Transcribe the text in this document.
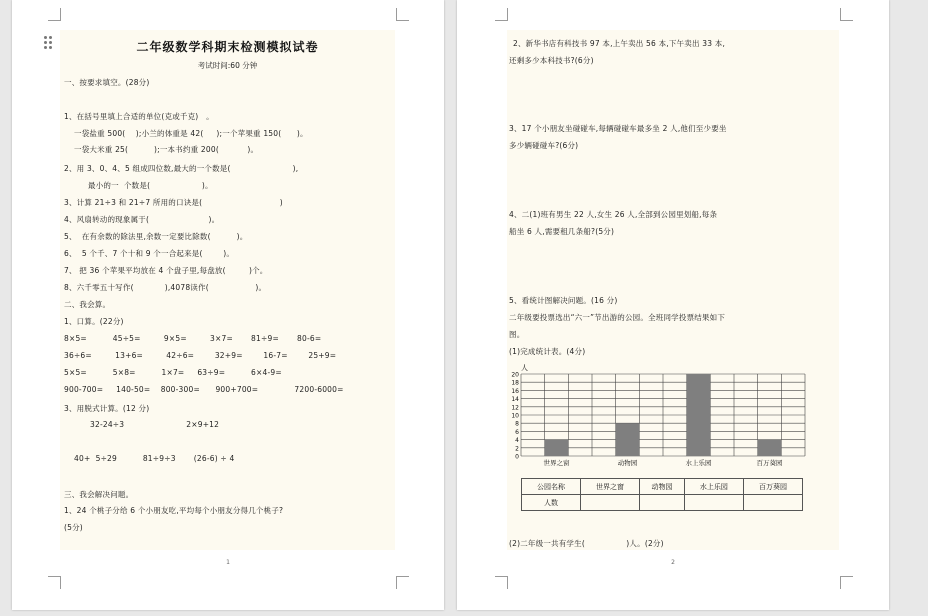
二年级数学科期末检测模拟试卷
考试时间:60 分钟
一、按要求填空。(28分)
1、在括号里填上合适的单位(克或千克)   。
一袋盐重 500(    );小兰的体重是 42(     );一个苹果重 150(      )。
一袋大米重 25(          );一本书约重 200(           )。
2、用 3、0、4、5 组成四位数,最大的一个数是(                        ),
最小的一  个数是(                    )。
3、计算 21÷3 和 21÷7 所用的口诀是(                              )
4、风扇转动的现象属于(                       )。
5、  在有余数的除法里,余数一定要比除数(          )。
6、  5 个千、7 个十和 9 个一合起来是(        )。
7、 把 36 个苹果平均放在 4 个盘子里,每盘放(         )个。
8、六千零五十写作(            ),4078读作(                  )。
二、我会算。
1、口算。(22分)
8×5=          45÷5=         9×5=         3×7=       81÷9=       80-6=
36÷6=         13+6=         42÷6=        32+9=        16-7=        25+9=
5×5=          5×8=          1×7=     63÷9=          6×4-9=
900-700=     140-50=    800-300=      900+700=              7200-6000=
3、用脱式计算。(12 分)
32-24÷3                        2×9+12
40+  5÷29          81÷9÷3       (26-6) ÷ 4
三、我会解决问题。
1、24 个桃子分给 6 个小朋友吃,平均每个小朋友分得几个桃子?
(5分)
1
2、新华书店有科技书 97 本,上午卖出 56 本,下午卖出 33 本,
还剩多少本科技书?(6分)
3、17 个小朋友坐碰碰车,每辆碰碰车最多坐 2 人,他们至少要坐
多少辆碰碰车?(6分)
4、二(1)班有男生 22 人,女生 26 人,全部到公园里划船,每条
船坐 6 人,需要租几条船?(5分)
5、看统计图解决问题。(16 分)
二年级要投票选出“六一”节出游的公园。全班同学投票结果如下
图。
(1)完成统计表。(4分)
人
0
2
4
6
8
10
12
14
16
18
20
世界之窗	动物园	水上乐园	百万葵园
公园名称	世界之窗	动物园	水上乐园	百万葵园
人数				
(2)二年级一共有学生(                )人。(2分)
2
